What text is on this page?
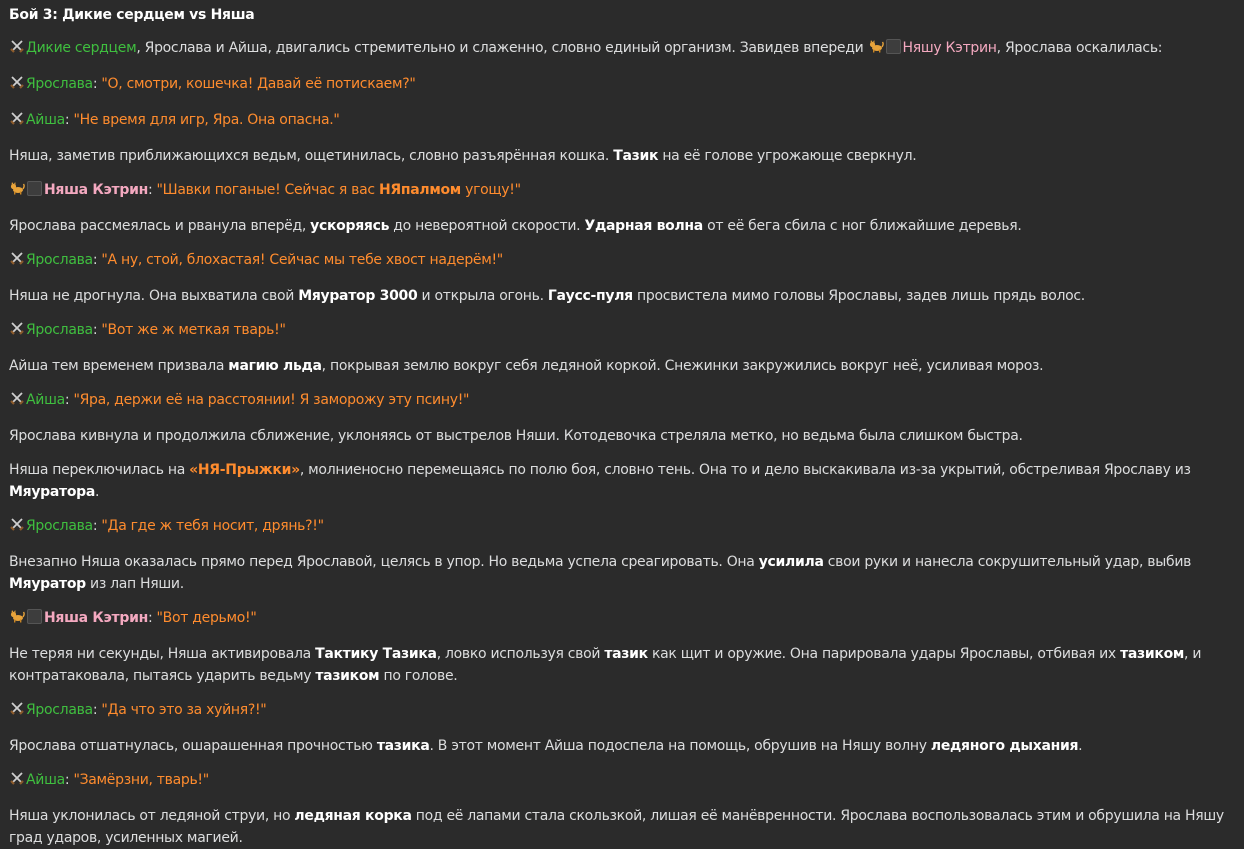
Бой 3: Дикие сердцем vs Няша

Дикие сердцем, Ярослава и Айша, двигались стремительно и слаженно, словно единый организм. Завидев впереди	Няшу Кэтрин, Ярослава оскалилась:

Ярослава: "О, смотри, кошечка! Давай её потискаем?"

Айша: "Не время для игр, Яра. Она опасна."

Няша, заметив приближающихся ведьм, ощетинилась, словно разъярённая кошка. Тазик на её голове угрожающе сверкнул.

Няша Кэтрин: "Шавки поганые! Сейчас я вас НЯпалмом угощу!"

Ярослава рассмеялась и рванула вперёд, ускоряясь до невероятной скорости. Ударная волна от её бега сбила с ног ближайшие деревья.

Ярослава: "А ну, стой, блохастая! Сейчас мы тебе хвост надерём!"

Няша не дрогнула. Она выхватила свой Мяуратор 3000 и открыла огонь. Гаусс-пуля просвистела мимо головы Ярославы, задев лишь прядь волос.

Ярослава: "Вот же ж меткая тварь!"

Айша тем временем призвала магию льда, покрывая землю вокруг себя ледяной коркой. Снежинки закружились вокруг неё, усиливая мороз.

Айша: "Яра, держи её на расстоянии! Я заморожу эту псину!"

Ярослава кивнула и продолжила сближение, уклоняясь от выстрелов Няши. Котодевочка стреляла метко, но ведьма была слишком быстра.

Няша переключилась на «НЯ-Прыжки», молниеносно перемещаясь по полю боя, словно тень. Она то и дело выскакивала из-за укрытий, обстреливая Ярославу из Мяуратора.

Ярослава: "Да где ж тебя носит, дрянь?!"

Внезапно Няша оказалась прямо перед Ярославой, целясь в упор. Но ведьма успела среагировать. Она усилила свои руки и нанесла сокрушительный удар, выбив Мяуратор из лап Няши.

Няша Кэтрин: "Вот дерьмо!"

Не теряя ни секунды, Няша активировала Тактику Тазика, ловко используя свой тазик как щит и оружие. Она парировала удары Ярославы, отбивая их тазиком, и контратаковала, пытаясь ударить ведьму тазиком по голове.

Ярослава: "Да что это за хуйня?!"

Ярослава отшатнулась, ошарашенная прочностью тазика. В этот момент Айша подоспела на помощь, обрушив на Няшу волну ледяного дыхания.

Айша: "Замёрзни, тварь!"

Няша уклонилась от ледяной струи, но ледяная корка под её лапами стала скользкой, лишая её манёвренности. Ярослава воспользовалась этим и обрушила на Няшу град ударов, усиленных магией.
